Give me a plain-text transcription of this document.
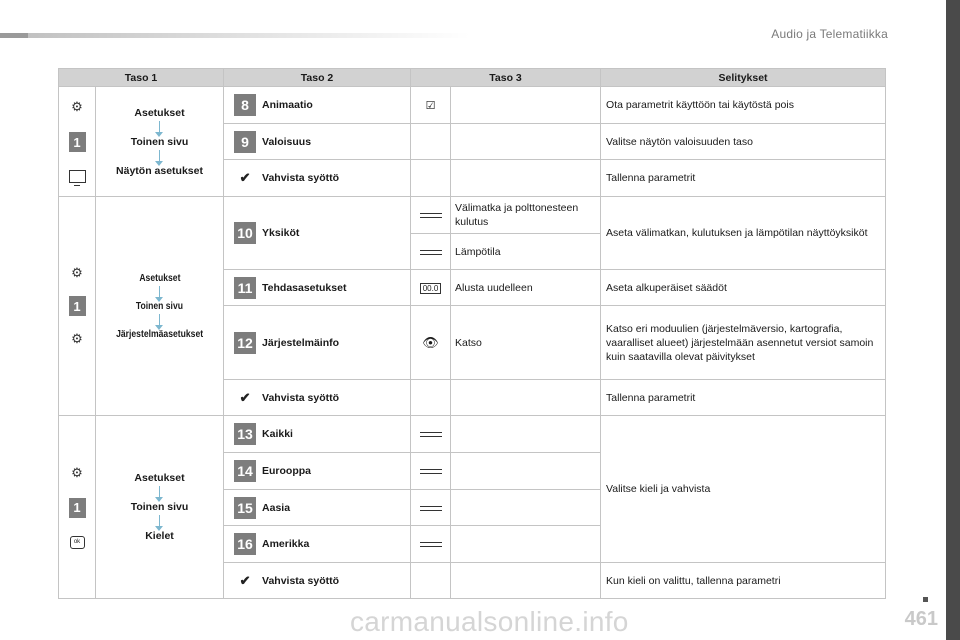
Audio ja Telematiikka
461
carmanualsonline.info
Taso 1		Taso 2	Taso 3		Selitykset

⚙
1	Asetukset
Toinen sivu
Näytön asetukset	8 Animaatio	☑		Ota parametrit käyttöön tai käytöstä pois

9 Valoisuus			Valitse näytön valoisuuden taso

		✔ Vahvista syöttö			Tallenna parametrit

⚙
1
⚙	Asetukset
Toinen sivu
Järjestelmäasetukset	10 Yksiköt		Välimatka ja polttonesteen kulutus	Aseta välimatkan, kulutuksen ja lämpötilan näyttöyksiköt
				Lämpötila	

11 Tehdasasetukset	00.0	Alusta uudelleen	Aseta alkuperäiset säädöt

12 Järjestelmäinfo	👁	Katso	Katso eri moduulien (järjestelmäversio, kartografia, vaaralliset alueet) järjestelmään asennetut versiot samoin kuin saatavilla olevat päivitykset

		✔ Vahvista syöttö			Tallenna parametrit

⚙
1
ok	Asetukset
Toinen sivu
Kielet	13 Kaikki			Valitse kieli ja vahvista

14 Eurooppa			

15 Aasia			

16 Amerikka			

		✔ Vahvista syöttö			Kun kieli on valittu, tallenna parametri
